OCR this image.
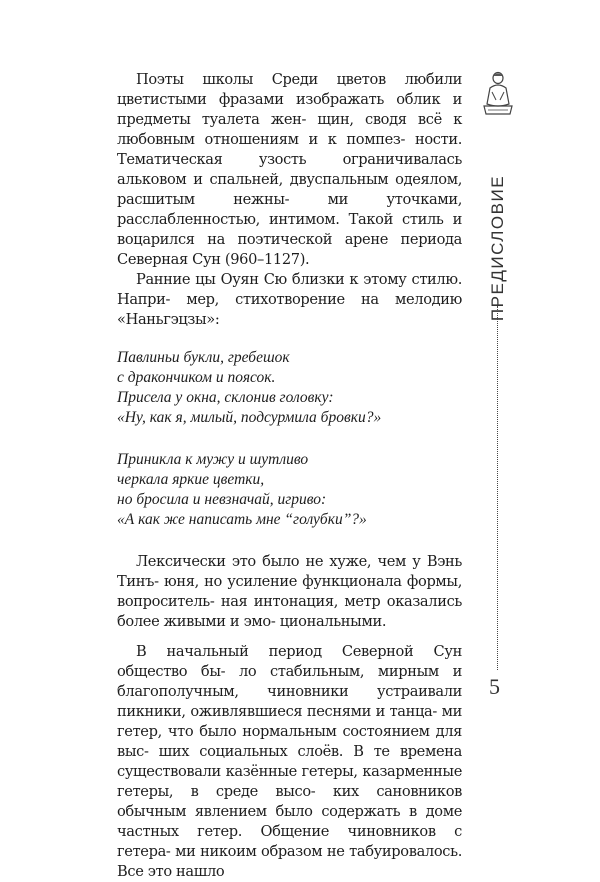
Поэты школы Среди цветов любили цветистыми фразами изображать облик и предметы туалета жен- щин, сводя всё к любовным отношениям и к помпез- ности. Тематическая узость ограничивалась альковом и спальней, двуспальным одеялом, расшитым нежны-	ми уточками, расслабленностью, интимом. Такой стиль и воцарился на поэтической арене периода Северная Сун (960–1127).

Ранние цы Оуян Сю близки к этому стилю. Напри- мер, стихотворение на мелодию «Наньгэцзы»:

Павлиньи букли, гребешок
с дракончиком и поясок.
Присела у окна, склонив головку:
«Ну, как я, милый, подсурмила бровки?»
Приникла к мужу и шутливо
черкала яркие цветки,
но бросила и невзначай, игриво:
«А как же написать мне “голубки”?»

Лексически это было не хуже, чем у Вэнь Тинъ- юня, но усиление функционала формы, вопроситель- ная интонация, метр оказались более живыми и эмо- циональными.

В начальный период Северной Сун общество бы- ло стабильным, мирным и благополучным, чиновники устраивали пикники, оживлявшиеся песнями и танца- ми гетер, что было нормальным состоянием для выс- ших социальных слоёв. В те времена существовали казённые гетеры, казарменные гетеры, в среде высо- ких сановников обычным явлением было содержать в доме частных гетер. Общение чиновников с гетера- ми никоим образом не табуировалось. Все это нашло

ПРЕДИСЛОВИЕ
5
